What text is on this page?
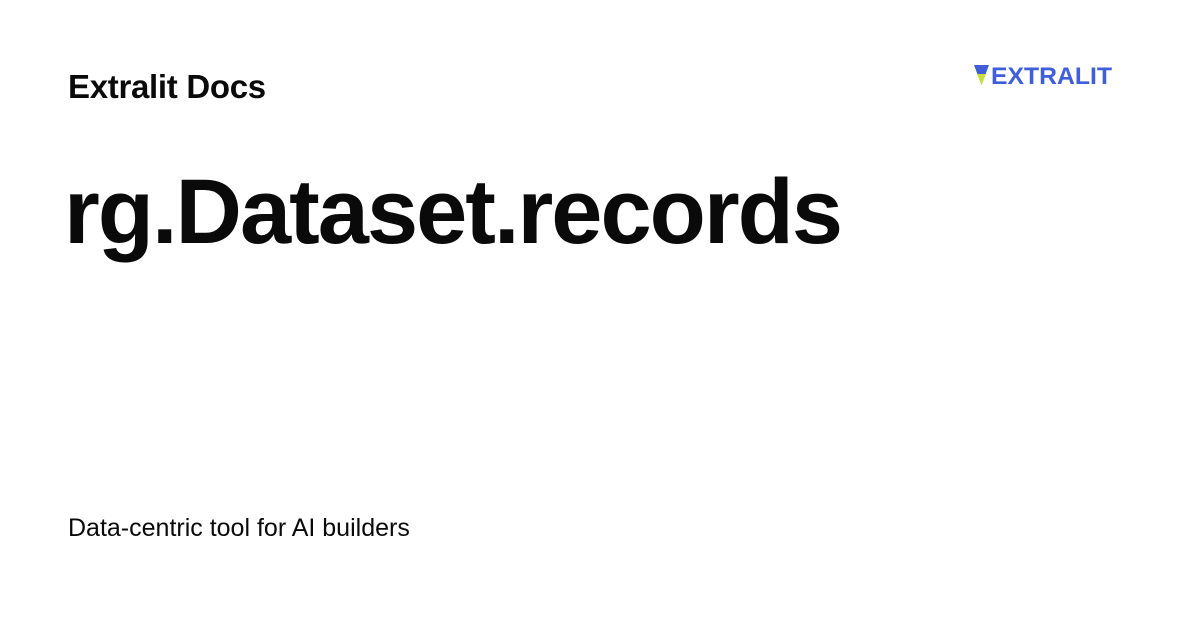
Extralit Docs	EXTRALIT
rg.Dataset.records
Data-centric tool for AI builders
